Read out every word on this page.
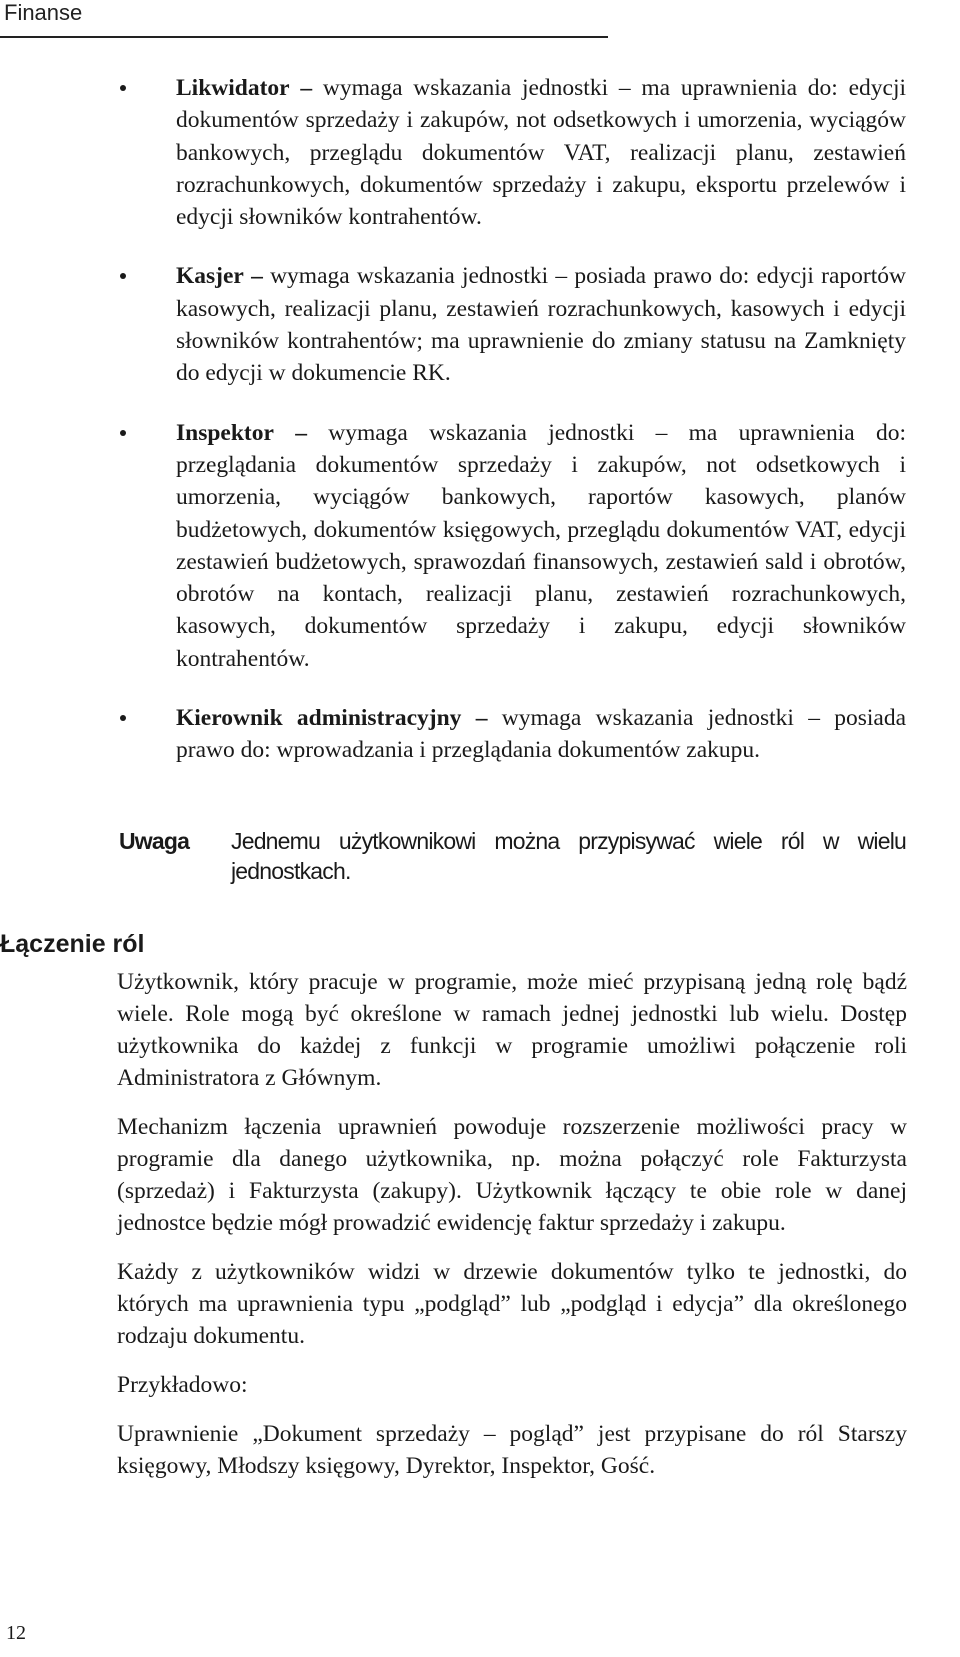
Finanse
Likwidator – wymaga wskazania jednostki – ma uprawnienia do: edycji dokumentów sprzedaży i zakupów, not odsetkowych i umorzenia, wyciągów bankowych, przeglądu dokumentów VAT, realizacji planu, zestawień rozrachunkowych, dokumentów sprzedaży i zakupu, eksportu przelewów i edycji słowników kontrahentów.
Kasjer – wymaga wskazania jednostki – posiada prawo do: edycji raportów kasowych, realizacji planu, zestawień rozrachunkowych, kasowych i edycji słowników kontrahentów; ma uprawnienie do zmiany statusu na Zamknięty do edycji w dokumencie RK.
Inspektor – wymaga wskazania jednostki – ma uprawnienia do: przeglądania dokumentów sprzedaży i zakupów, not odsetkowych i umorzenia, wyciągów bankowych, raportów kasowych, planów budżetowych, dokumentów księgowych, przeglądu dokumentów VAT, edycji zestawień budżetowych, sprawozdań finansowych, zestawień sald i obrotów, obrotów na kontach, realizacji planu, zestawień rozrachunkowych, kasowych, dokumentów sprzedaży i zakupu, edycji słowników kontrahentów.
Kierownik administracyjny – wymaga wskazania jednostki – posiada prawo do: wprowadzania i przeglądania dokumentów zakupu.
Uwaga Jednemu użytkownikowi można przypisywać wiele ról w wielu jednostkach.
Łączenie ról

Użytkownik, który pracuje w programie, może mieć przypisaną jedną rolę bądź wiele. Role mogą być określone w ramach jednej jednostki lub wielu. Dostęp użytkownika do każdej z funkcji w programie umożliwi połączenie roli Administratora z Głównym.

Mechanizm łączenia uprawnień powoduje rozszerzenie możliwości pracy w programie dla danego użytkownika, np. można połączyć role Fakturzysta (sprzedaż) i Fakturzysta (zakupy). Użytkownik łączący te obie role w danej jednostce będzie mógł prowadzić ewidencję faktur sprzedaży i zakupu.

Każdy z użytkowników widzi w drzewie dokumentów tylko te jednostki, do których ma uprawnienia typu „podgląd” lub „podgląd i edycja” dla określonego rodzaju dokumentu.

Przykładowo:

Uprawnienie „Dokument sprzedaży – pogląd” jest przypisane do ról Starszy księgowy, Młodszy księgowy, Dyrektor, Inspektor, Gość.

12
